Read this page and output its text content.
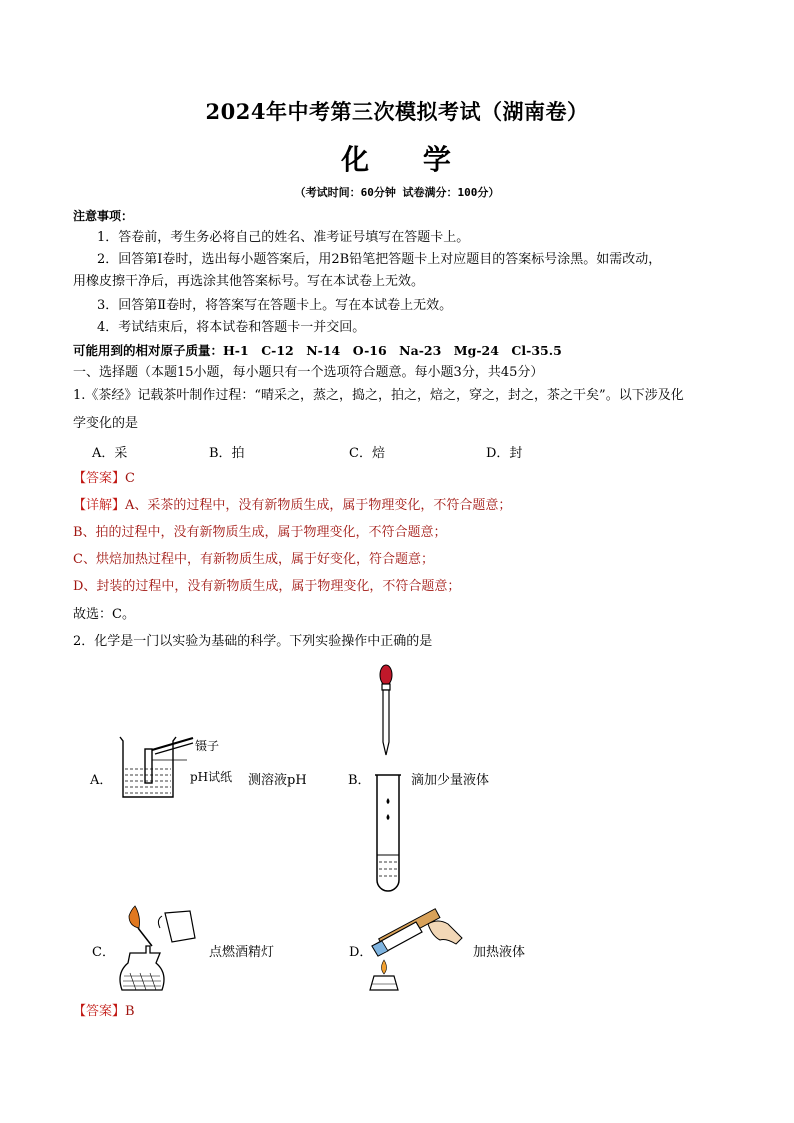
2024年中考第三次模拟考试（湖南卷）
化 学
（考试时间：60分钟 试卷满分：100分）
注意事项：
1．答卷前，考生务必将自己的姓名、准考证号填写在答题卡上。
2．回答第Ⅰ卷时，选出每小题答案后，用2B铅笔把答题卡上对应题目的答案标号涂黑。如需改动，
用橡皮擦干净后，再选涂其他答案标号。写在本试卷上无效。
3．回答第Ⅱ卷时，将答案写在答题卡上。写在本试卷上无效。
4．考试结束后，将本试卷和答题卡一并交回。
可能用到的相对原子质量：H-1　C-12　N-14　O-16　Na-23　Mg-24　Cl-35.5
一、选择题（本题15小题，每小题只有一个选项符合题意。每小题3分，共45分）
1.《茶经》记载茶叶制作过程：“晴采之，蒸之，捣之，拍之，焙之，穿之，封之，茶之干矣”。以下涉及化
学变化的是
A．采	B．拍	C．焙	D．封
【答案】C
【详解】A、采茶的过程中，没有新物质生成，属于物理变化，不符合题意；
B、拍的过程中，没有新物质生成，属于物理变化，不符合题意；
C、烘焙加热过程中，有新物质生成，属于好变化，符合题意；
D、封装的过程中，没有新物质生成，属于物理变化，不符合题意；
故选：C。
2．化学是一门以实验为基础的科学。下列实验操作中正确的是
A．
镊子
pH试纸 测溶液pH	B．	滴加少量液体
C．	点燃酒精灯	D．	加热液体
【答案】B
